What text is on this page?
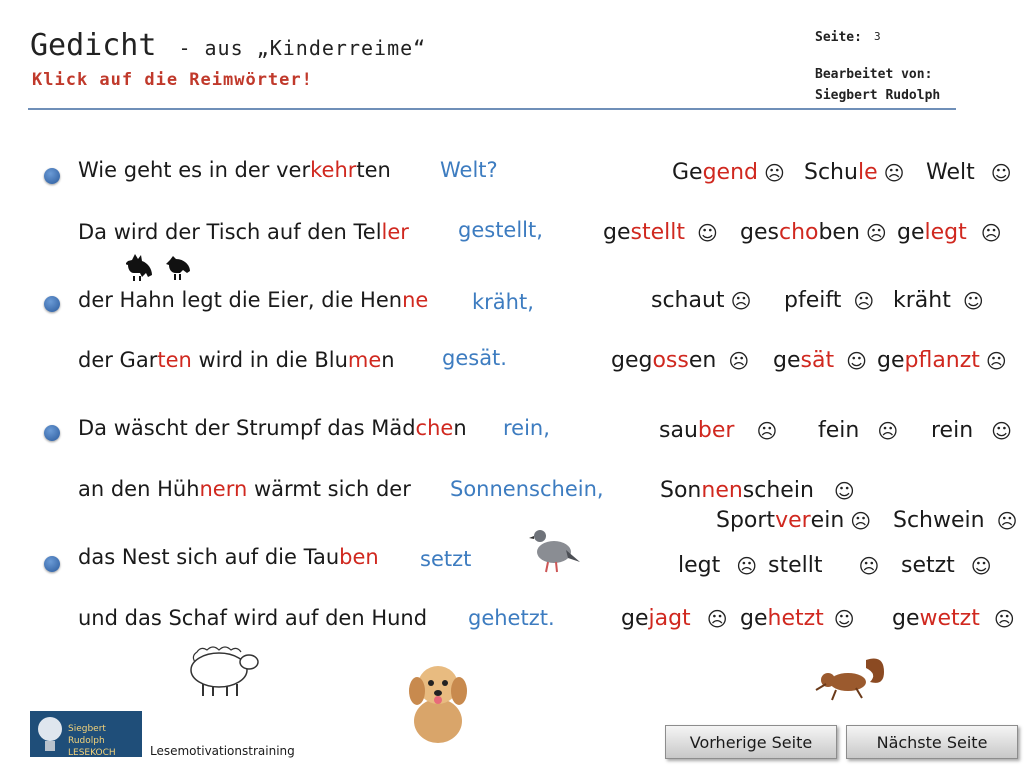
Gedicht - aus „Kinderreime“
Klick auf die Reimwörter!
Seite: 3
Bearbeitet von:
Siegbert Rudolph
Wie geht es in der verkehrten Welt?
Da wird der Tisch auf den Teller gestellt,
der Hahn legt die Eier, die Henne kräht,
der Garten wird in die Blumen gesät.
Da wäscht der Strumpf das Mädchen rein,
an den Hühnern wärmt sich der Sonnenschein,
das Nest sich auf die Tauben setzt
und das Schaf wird auf den Hund gehetzt.
Ge gend ☹ Schu le ☹ Welt ☺
ge stellt ☺ ges cho ben ☹ ge legt ☹
schaut ☹ pfeift ☹ kräht ☺
geg oss en ☹ ge sät ☺ ge pflanzt ☹
sau ber ☹ fein ☹ rein ☺
Son nen schein ☺
Sport ver ein ☹ Schwein ☹
legt ☹ stellt ☹ setzt ☺
ge jagt ☹ ge hetzt ☺ ge wetzt ☹
Siegbert Rudolph LESEKOCH	Lesemotivationstraining	Vorherige Seite	Nächste Seite
